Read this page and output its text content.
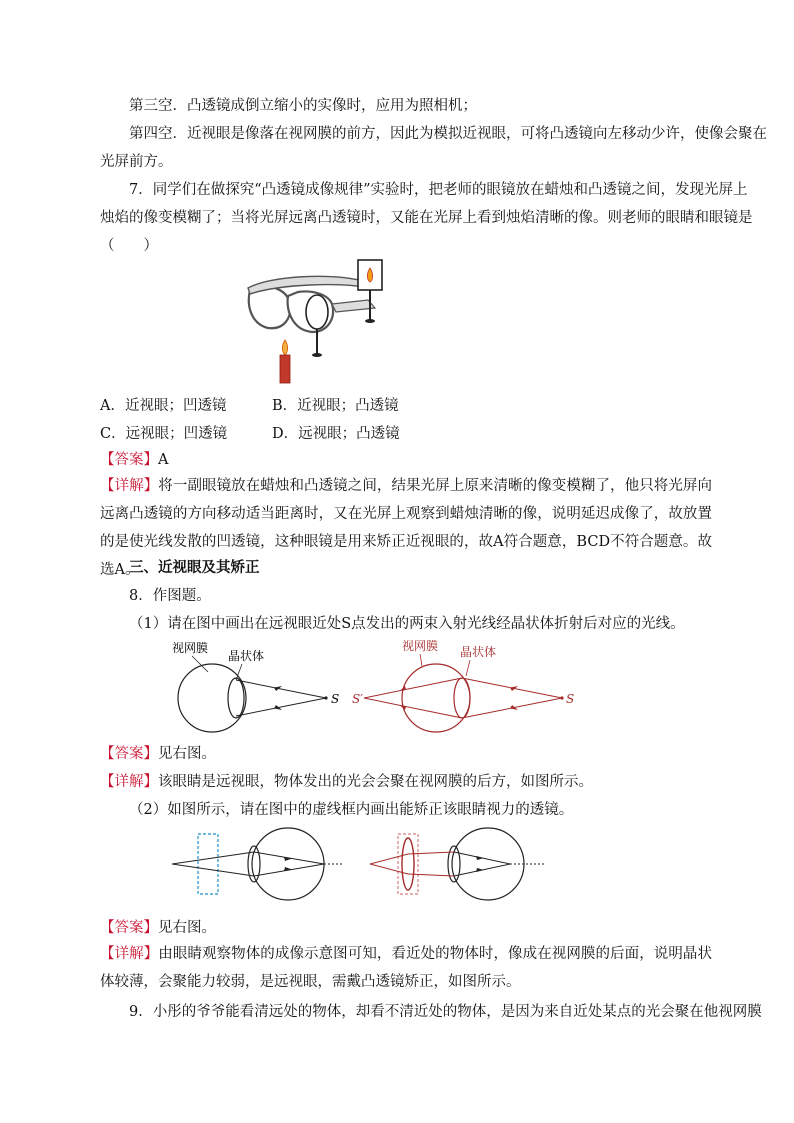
第三空．凸透镜成倒立缩小的实像时，应用为照相机；
第四空．近视眼是像落在视网膜的前方，因此为模拟近视眼，可将凸透镜向左移动少许，使像会聚在
光屏前方。
7．同学们在做探究“凸透镜成像规律”实验时，把老师的眼镜放在蜡烛和凸透镜之间，发现光屏上
烛焰的像变模糊了；当将光屏远离凸透镜时，又能在光屏上看到烛焰清晰的像。则老师的眼睛和眼镜是
（　　）
A．近视眼；凹透镜	B．近视眼；凸透镜
C．远视眼；凹透镜	D．远视眼；凸透镜
【答案】A
【详解】将一副眼镜放在蜡烛和凸透镜之间，结果光屏上原来清晰的像变模糊了，他只将光屏向远离凸透镜的方向移动适当距离时，又在光屏上观察到蜡烛清晰的像，说明延迟成像了，故放置的是使光线发散的凹透镜，这种眼镜是用来矫正近视眼的，故A符合题意，BCD不符合题意。故选A。
三、近视眼及其矫正
8．作图题。
（1）请在图中画出在远视眼近处S点发出的两束入射光线经晶状体折射后对应的光线。
视网膜
晶状体
S
视网膜 晶状体
S
S′
【答案】见右图。
【详解】该眼睛是远视眼，物体发出的光会会聚在视网膜的后方，如图所示。
（2）如图所示，请在图中的虚线框内画出能矫正该眼睛视力的透镜。
【答案】见右图。
【详解】由眼睛观察物体的成像示意图可知，看近处的物体时，像成在视网膜的后面，说明晶状体较薄，会聚能力较弱，是远视眼，需戴凸透镜矫正，如图所示。
9．小彤的爷爷能看清远处的物体，却看不清近处的物体，是因为来自近处某点的光会聚在他视网膜
